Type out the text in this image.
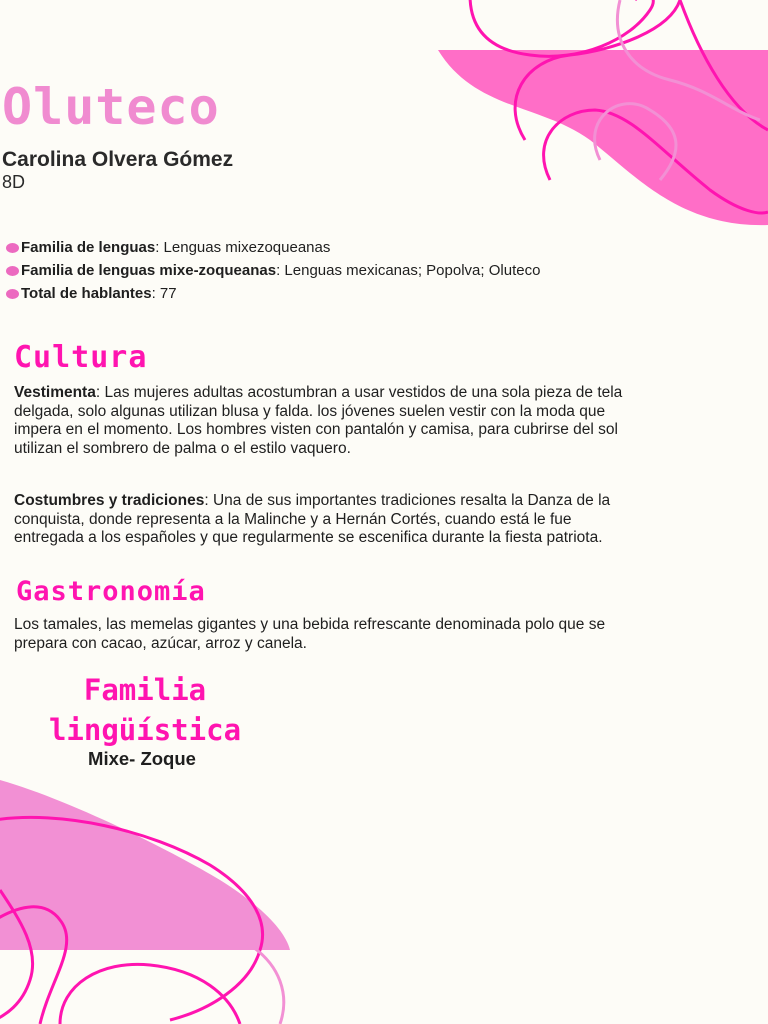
Oluteco
Carolina Olvera Gómez
8D
Familia de lenguas: Lenguas mixezoqueanas
Familia de lenguas mixe-zoqueanas: Lenguas mexicanas; Popolva; Oluteco
Total de hablantes: 77
Cultura
Vestimenta: Las mujeres adultas acostumbran a usar vestidos de una sola pieza de tela delgada, solo algunas utilizan blusa y falda. los jóvenes suelen vestir con la moda que impera en el momento. Los hombres visten con pantalón y camisa, para cubrirse del sol utilizan el sombrero de palma o el estilo vaquero.
Costumbres y tradiciones: Una de sus importantes tradiciones resalta la Danza de la conquista, donde representa a la Malinche y a Hernán Cortés, cuando está le fue entregada a los españoles y que regularmente se escenifica durante la fiesta patriota.
Gastronomía
Los tamales, las memelas gigantes y una bebida refrescante denominada polo que se prepara con cacao, azúcar, arroz y canela.
Familia
lingüística
Mixe- Zoque
